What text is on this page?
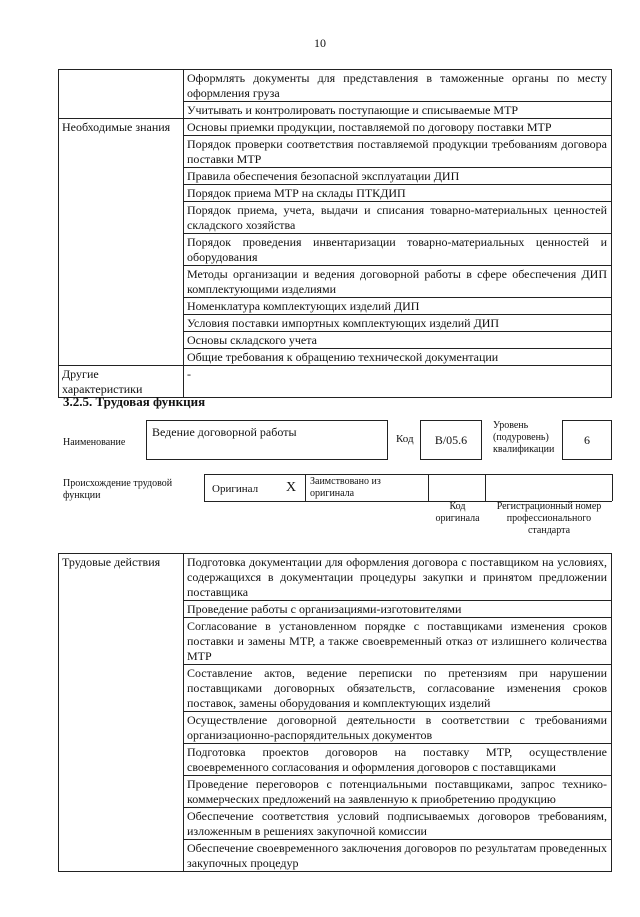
10
	Оформлять документы для представления в таможенные органы по месту оформления груза
	Учитывать и контролировать поступающие и списываемые МТР
Необходимые знания	Основы приемки продукции, поставляемой по договору поставки МТР
	Порядок проверки соответствия поставляемой продукции требованиям договора поставки МТР
	Правила обеспечения безопасной эксплуатации ДИП
	Порядок приема МТР на склады ПТКДИП
	Порядок приема, учета, выдачи и списания товарно-материальных ценностей складского хозяйства
	Порядок проведения инвентаризации товарно-материальных ценностей и оборудования
	Методы организации и ведения договорной работы в сфере обеспечения ДИП комплектующими изделиями
	Номенклатура комплектующих изделий ДИП
	Условия поставки импортных комплектующих изделий ДИП
	Основы складского учета
	Общие требования к обращению технической документации
Другие характеристики	-
3.2.5. Трудовая функция
Наименование
Ведение договорной работы	Код	В/05.6
Уровень (подуровень) квалификации
6
Происхождение трудовой функции
Оригинал X Заимствовано из оригинала
Код оригинала
Регистрационный номер профессионального стандарта
Трудовые действия	Подготовка документации для оформления договора с поставщиком на условиях, содержащихся в документации процедуры закупки и принятом предложении поставщика
Проведение работы с организациями-изготовителями
Согласование в установленном порядке с поставщиками изменения сроков поставки и замены МТР, а также своевременный отказ от излишнего количества МТР
Составление актов, ведение переписки по претензиям при нарушении поставщиками договорных обязательств, согласование изменения сроков поставок, замены оборудования и комплектующих изделий
Осуществление договорной деятельности в соответствии с требованиями организационно-распорядительных документов
Подготовка проектов договоров на поставку МТР, осуществление своевременного согласования и оформления договоров с поставщиками
Проведение переговоров с потенциальными поставщиками, запрос технико-коммерческих предложений на заявленную к приобретению продукцию
Обеспечение соответствия условий подписываемых договоров требованиям, изложенным в решениях закупочной комиссии
Обеспечение своевременного заключения договоров по результатам проведенных закупочных процедур
